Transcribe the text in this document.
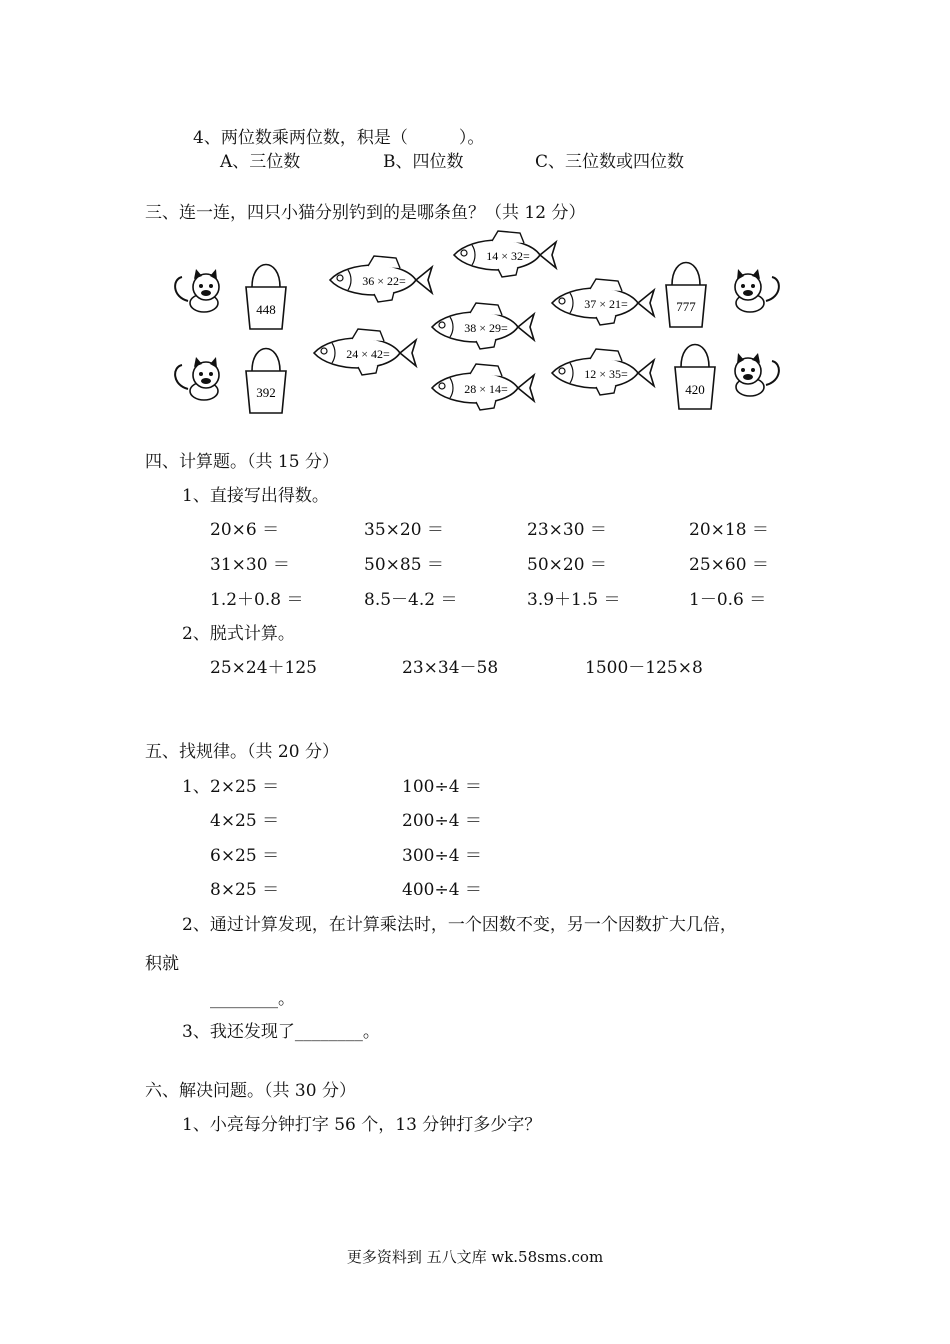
4、两位数乘两位数，积是（　　　）。
A、三位数	B、四位数	C、三位数或四位数
三、连一连，四只小猫分别钓到的是哪条鱼？（共 12 分）
448
392
777
420
14 × 32=
36 × 22=
37 × 21=
38 × 29=
24 × 42=
28 × 14=
12 × 35=
四、计算题。（共 15 分）
1、直接写出得数。
20×6 ＝	35×20 ＝	23×30 ＝	20×18 ＝
31×30 ＝	50×85 ＝	50×20 ＝	25×60 ＝
1.2＋0.8 ＝	8.5－4.2 ＝	3.9＋1.5 ＝	1－0.6 ＝
2、脱式计算。
25×24＋125	23×34－58	1500－125×8
五、找规律。（共 20 分）
1、 2×25 ＝	100÷4 ＝
4×25 ＝	200÷4 ＝
6×25 ＝	300÷4 ＝
8×25 ＝	400÷4 ＝
2、通过计算发现，在计算乘法时，一个因数不变，另一个因数扩大几倍，
积就
________。
3、我还发现了________。
六、解决问题。（共 30 分）
1、小亮每分钟打字 56 个，13 分钟打多少字？
更多资料到 五八文库 wk.58sms.com
